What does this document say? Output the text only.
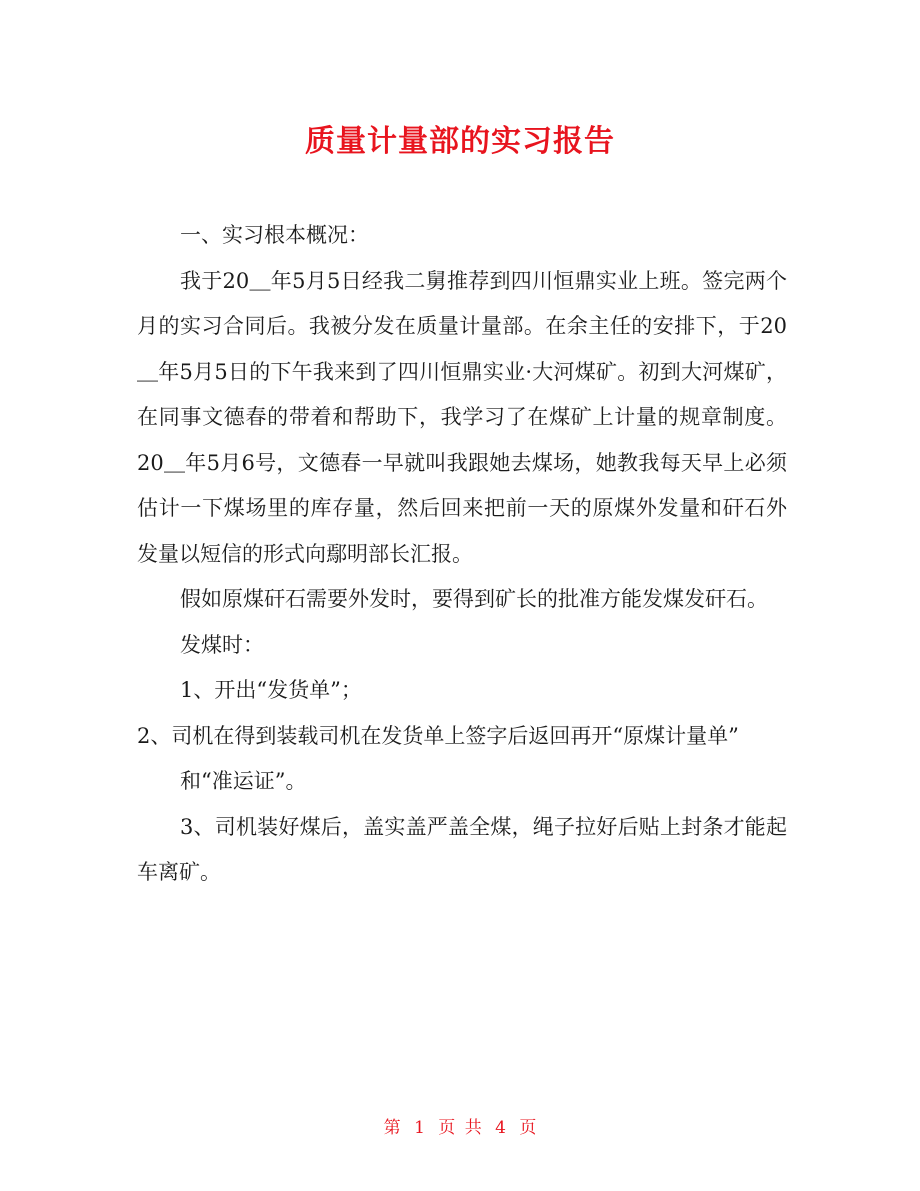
质量计量部的实习报告

一、实习根本概况：

我于20＿年5月5日经我二舅推荐到四川恒鼎实业上班。签完两个月的实习合同后。我被分发在质量计量部。在余主任的安排下，于20＿年5月5日的下午我来到了四川恒鼎实业·大河煤矿。初到大河煤矿，在同事文德春的带着和帮助下，我学习了在煤矿上计量的规章制度。20＿年5月6号，文德春一早就叫我跟她去煤场，她教我每天早上必须估计一下煤场里的库存量，然后回来把前一天的原煤外发量和矸石外发量以短信的形式向鄢明部长汇报。

假如原煤矸石需要外发时，要得到矿长的批准方能发煤发矸石。

发煤时：

1、开出“发货单”；

2、司机在得到装载司机在发货单上签字后返回再开“原煤计量单”

和“准运证”。

3、司机装好煤后，盖实盖严盖全煤，绳子拉好后贴上封条才能起车离矿。

第 1 页 共 4 页
